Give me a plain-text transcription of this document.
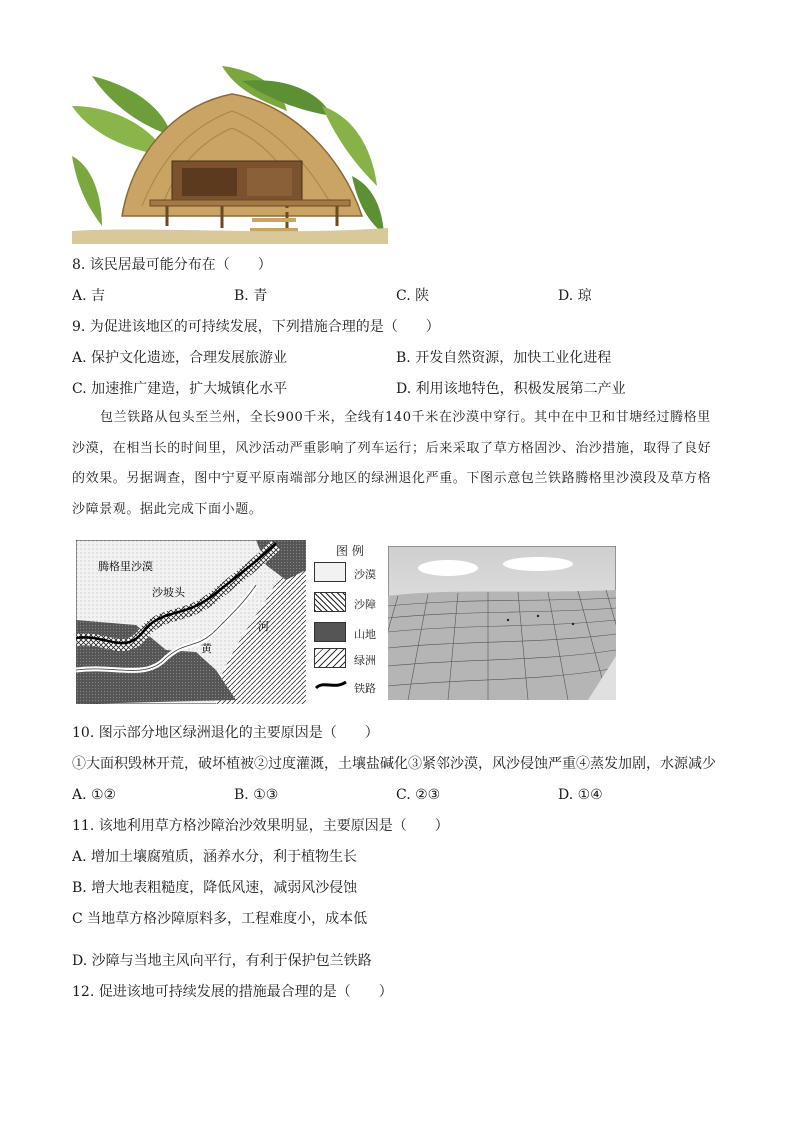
8. 该民居最可能分布在（　　）
A. 吉	B. 青	C. 陕	D. 琼
9. 为促进该地区的可持续发展，下列措施合理的是（　　）
A. 保护文化遗迹，合理发展旅游业	B. 开发自然资源，加快工业化进程
C. 加速推广建造，扩大城镇化水平	D. 利用该地特色，积极发展第二产业
包兰铁路从包头至兰州，全长900千米，全线有140千米在沙漠中穿行。其中在中卫和甘塘经过腾格里沙漠，在相当长的时间里，风沙活动严重影响了列车运行；后来采取了草方格固沙、治沙措施，取得了良好的效果。另据调查，图中宁夏平原南端部分地区的绿洲退化严重。下图示意包兰铁路腾格里沙漠段及草方格沙障景观。据此完成下面小题。
腾格里沙漠
沙坡头
黄
河
图 例
沙漠
沙障
山地
绿洲
铁路
10. 图示部分地区绿洲退化的主要原因是（　　）
①大面积毁林开荒，破坏植被②过度灌溉，土壤盐碱化③紧邻沙漠，风沙侵蚀严重④蒸发加剧，水源减少
A. ①②	B. ①③	C. ②③	D. ①④
11. 该地利用草方格沙障治沙效果明显，主要原因是（　　）
A. 增加土壤腐殖质，涵养水分，利于植物生长
B. 增大地表粗糙度，降低风速，减弱风沙侵蚀
C 当地草方格沙障原料多，工程难度小，成本低
D. 沙障与当地主风向平行，有利于保护包兰铁路
12. 促进该地可持续发展的措施最合理的是（　　）
